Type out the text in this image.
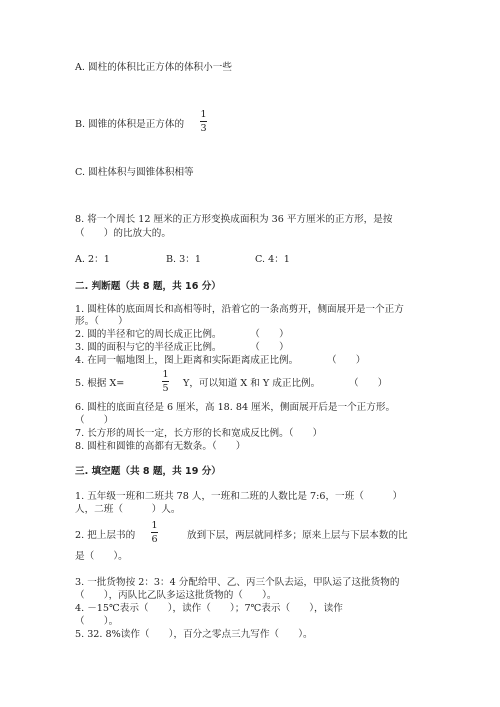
A. 圆柱的体积比正方体的体积小一些
B. 圆锥的体积是正方体的
1
3
C. 圆柱体积与圆锥体积相等
8. 将一个周长 12 厘米的正方形变换成面积为 36 平方厘米的正方形，是按
（　　）的比放大的。
A. 2：1	B. 3：1	C. 4：1
二. 判断题（共 8 题，共 16 分）
1. 圆柱体的底面周长和高相等时，沿着它的一条高剪开，侧面展开是一个正方
形。（　　）
2. 圆的半径和它的周长成正比例。　　　　（　　）
3. 圆的面积与它的半径成正比例。　　　　（　　）
4. 在同一幅地图上，图上距离和实际距离成正比例。　　　　（　　）
5. 根据 X=
1
5 Y，可以知道 X 和 Y 成正比例。　　　　（　　）
6. 圆柱的底面直径是 6 厘米，高 18. 84 厘米，侧面展开后是一个正方形。
（　　）
7. 长方形的周长一定，长方形的长和宽成反比例。（　　）
8. 圆柱和圆锥的高都有无数条。（　　）
三. 填空题（共 8 题，共 19 分）
1. 五年级一班和二班共 78 人，一班和二班的人数比是 7:6，一班（　　　）
人，二班（　　　）人。
2. 把上层书的
1
6	放到下层，两层就同样多；原来上层与下层本数的比
是（　　）。
3. 一批货物按 2：3：4 分配给甲、乙、丙三个队去运，甲队运了这批货物的
（　　），丙队比乙队多运这批货物的（　　）。
4. －15℃表示（　　），读作（　　）；7℃表示（　　），读作
（　　）。
5. 32. 8%读作（　　），百分之零点三九写作（　　）。
